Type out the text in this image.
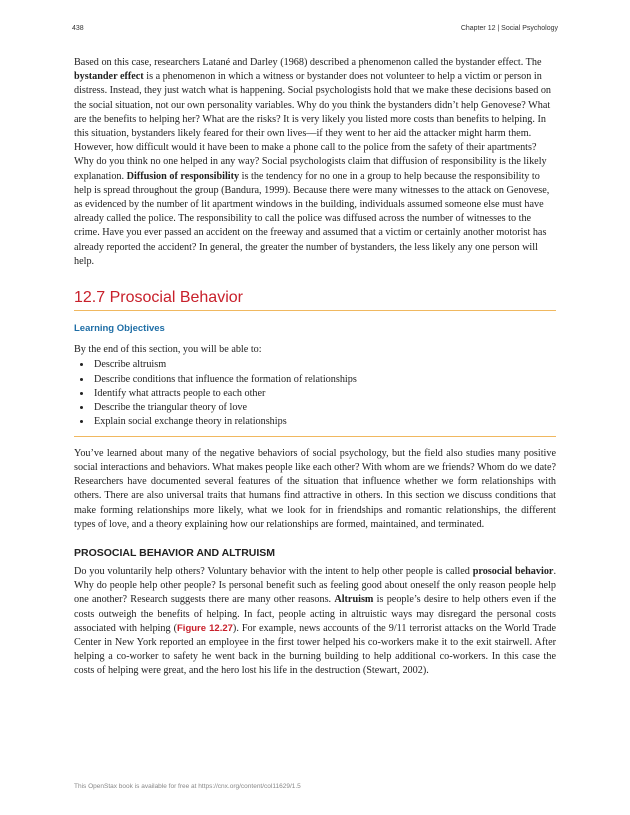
438	Chapter 12 | Social Psychology

Based on this case, researchers Latané and Darley (1968) described a phenomenon called the bystander effect. The bystander effect is a phenomenon in which a witness or bystander does not volunteer to help a victim or person in distress. Instead, they just watch what is happening. Social psychologists hold that we make these decisions based on the social situation, not our own personality variables. Why do you think the bystanders didn’t help Genovese? What are the benefits to helping her? What are the risks? It is very likely you listed more costs than benefits to helping. In this situation, bystanders likely feared for their own lives—if they went to her aid the attacker might harm them. However, how difficult would it have been to make a phone call to the police from the safety of their apartments? Why do you think no one helped in any way? Social psychologists claim that diffusion of responsibility is the likely explanation. Diffusion of responsibility is the tendency for no one in a group to help because the responsibility to help is spread throughout the group (Bandura, 1999). Because there were many witnesses to the attack on Genovese, as evidenced by the number of lit apartment windows in the building, individuals assumed someone else must have already called the police. The responsibility to call the police was diffused across the number of witnesses to the crime. Have you ever passed an accident on the freeway and assumed that a victim or certainly another motorist has already reported the accident? In general, the greater the number of bystanders, the less likely any one person will help.

12.7 Prosocial Behavior
Learning Objectives

By the end of this section, you will be able to:

• Describe altruism
• Describe conditions that influence the formation of relationships
• Identify what attracts people to each other
• Describe the triangular theory of love
• Explain social exchange theory in relationships

You’ve learned about many of the negative behaviors of social psychology, but the field also studies many positive social interactions and behaviors. What makes people like each other? With whom are we friends? Whom do we date? Researchers have documented several features of the situation that influence whether we form relationships with others. There are also universal traits that humans find attractive in others. In this section we discuss conditions that make forming relationships more likely, what we look for in friendships and romantic relationships, the different types of love, and a theory explaining how our relationships are formed, maintained, and terminated.

PROSOCIAL BEHAVIOR AND ALTRUISM

Do you voluntarily help others? Voluntary behavior with the intent to help other people is called prosocial behavior. Why do people help other people? Is personal benefit such as feeling good about oneself the only reason people help one another? Research suggests there are many other reasons. Altruism is people’s desire to help others even if the costs outweigh the benefits of helping. In fact, people acting in altruistic ways may disregard the personal costs associated with helping (Figure 12.27). For example, news accounts of the 9/11 terrorist attacks on the World Trade Center in New York reported an employee in the first tower helped his co-workers make it to the exit stairwell. After helping a co-worker to safety he went back in the burning building to help additional co-workers. In this case the costs of helping were great, and the hero lost his life in the destruction (Stewart, 2002).

This OpenStax book is available for free at https://cnx.org/content/col11629/1.5
